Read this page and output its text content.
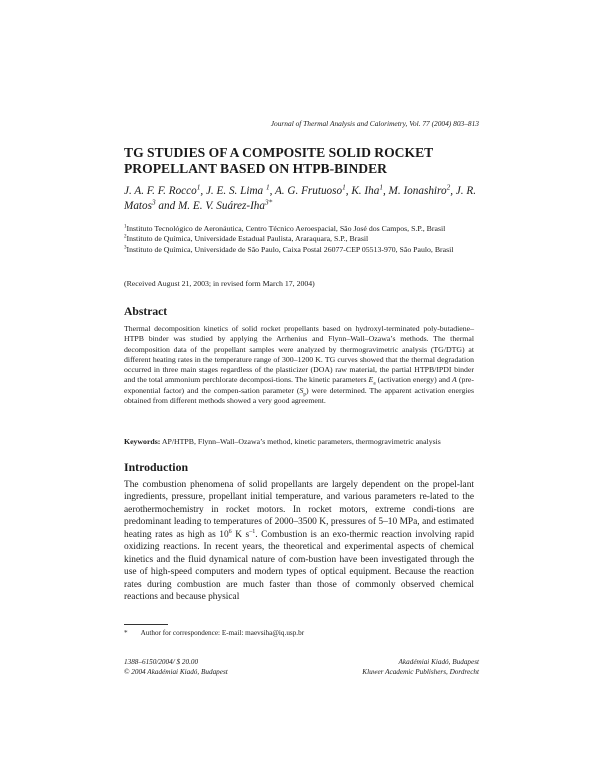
Journal of Thermal Analysis and Calorimetry, Vol. 77 (2004) 803–813
TG STUDIES OF A COMPOSITE SOLID ROCKET
PROPELLANT BASED ON HTPB-BINDER
J. A. F. F. Rocco$^1$, J. E. S. Lima $^1$, A. G. Frutuoso$^1$, K. Iha$^1$, M. Ionashiro$^2$, J. R. Matos$^3$ and M. E. V. Suárez-Iha$^{3*}$
$^1$Instituto Tecnológico de Aeronáutica, Centro Técnico Aeroespacial, São José dos Campos, S.P., Brasil
$^2$Instituto de Química, Universidade Estadual Paulista, Araraquara, S.P., Brasil
$^3$Instituto de Química, Universidade de São Paulo, Caixa Postal 26077-CEP 05513-970, São Paulo, Brasil
(Received August 21, 2003; in revised form March 17, 2004)
Abstract
Thermal decomposition kinetics of solid rocket propellants based on hydroxyl-terminated poly-butadiene–HTPB binder was studied by applying the Arrhenius and Flynn–Wall–Ozawa’s methods. The thermal decomposition data of the propellant samples were analyzed by thermogravimetric analysis (TG/DTG) at different heating rates in the temperature range of 300–1200 K. TG curves showed that the thermal degradation occurred in three main stages regardless of the plasticizer (DOA) raw material, the partial HTPB/IPDI binder and the total ammonium perchlorate decomposi-tions. The kinetic parameters $E_a$ (activation energy) and A (pre-exponential factor) and the compen-sation parameter $(S_p)$ were determined. The apparent activation energies obtained from different methods showed a very good agreement.
Keywords: AP/HTPB, Flynn–Wall–Ozawa’s method, kinetic parameters, thermogravimetric analysis
Introduction
The combustion phenomena of solid propellants are largely dependent on the propel-lant ingredients, pressure, propellant initial temperature, and various parameters re-lated to the aerothermochemistry in rocket motors. In rocket motors, extreme condi-tions are predominant leading to temperatures of 2000–3500 K, pressures of 5–10 MPa, and estimated heating rates as high as $10^6$ K $s^{-1}$. Combustion is an exo-thermic reaction involving rapid oxidizing reactions. In recent years, the theoretical and experimental aspects of chemical kinetics and the fluid dynamical nature of com-bustion have been investigated through the use of high-speed computers and modern types of optical equipment. Because the reaction rates during combustion are much faster than those of commonly observed chemical reactions and because physical
* Author for correspondence: E-mail: maevsiha@iq.usp.br
1388–6150/2004/ $ 20.00
© 2004 Akadémiai Kiadó, Budapest
Akadémiai Kiadó, Budapest
Kluwer Academic Publishers, Dordrecht
